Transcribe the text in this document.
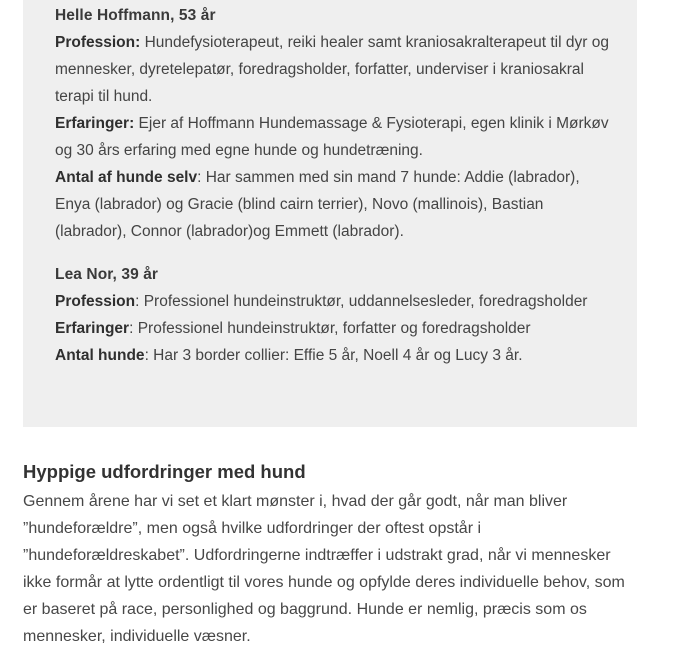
Helle Hoffmann, 53 år

Profession: Hundefysioterapeut, reiki healer samt kraniosakralterapeut til dyr og mennesker, dyretelepatør, foredragsholder, forfatter, underviser i kraniosakral terapi til hund.

Erfaringer: Ejer af Hoffmann Hundemassage & Fysioterapi, egen klinik i Mørkøv og 30 års erfaring med egne hunde og hundetræning.

Antal af hunde selv: Har sammen med sin mand 7 hunde: Addie (labrador), Enya (labrador) og Gracie (blind cairn terrier), Novo (mallinois), Bastian (labrador), Connor (labrador)og Emmett (labrador).

Lea Nor, 39 år

Profession: Professionel hundeinstruktør, uddannelsesleder, foredragsholder

Erfaringer: Professionel hundeinstruktør, forfatter og foredragsholder

Antal hunde: Har 3 border collier: Effie 5 år, Noell 4 år og Lucy 3 år.

Hyppige udfordringer med hund

Gennem årene har vi set et klart mønster i, hvad der går godt, når man bliver ”hundeforældre”, men også hvilke udfordringer der oftest opstår i ”hundeforældreskabet”. Udfordringerne indtræffer i udstrakt grad, når vi mennesker ikke formår at lytte ordentligt til vores hunde og opfylde deres individuelle behov, som er baseret på race, personlighed og baggrund. Hunde er nemlig, præcis som os mennesker, individuelle væsner.
